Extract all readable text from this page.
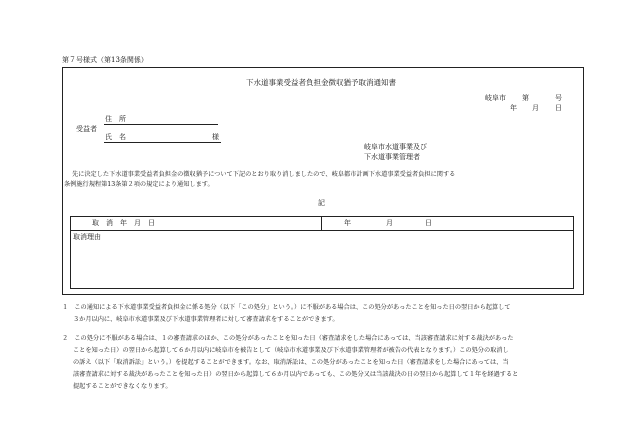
第７号様式（第13条関係）
下水道事業受益者負担金徴収猶予取消通知書
岐阜市 第	号
年 月 日
受益者
住　所
氏　名	様
岐阜市水道事業及び
下水道事業管理者
先に決定した下水道事業受益者負担金の徴収猶予について下記のとおり取り消しましたので、岐阜都市計画下水道事業受益者負担に関する
条例施行規程第13条第２項の規定により通知します。
記
取　消　年　月　日	年	月	日
取消理由

１　 この通知による下水道事業受益者負担金に係る処分（以下「この処分」という。）に不服がある場合は、この処分があったことを知った日の翌日から起算して

３か月以内に、岐阜市水道事業及び下水道事業管理者に対して審査請求をすることができます。

２　 この処分に不服がある場合は、１の審査請求のほか、この処分があったことを知った日（審査請求をした場合にあっては、当該審査請求に対する裁決があった

ことを知った日）の翌日から起算して６か月以内に岐阜市を被告として（岐阜市水道事業及び下水道事業管理者が被告の代表となります。）この処分の取消し

の訴え（以下「取消訴訟」という。）を提起することができます。なお、取消訴訟は、この処分があったことを知った日（審査請求をした場合にあっては、当

該審査請求に対する裁決があったことを知った日）の翌日から起算して６か月以内であっても、この処分又は当該裁決の日の翌日から起算して１年を経過すると

提起することができなくなります。
